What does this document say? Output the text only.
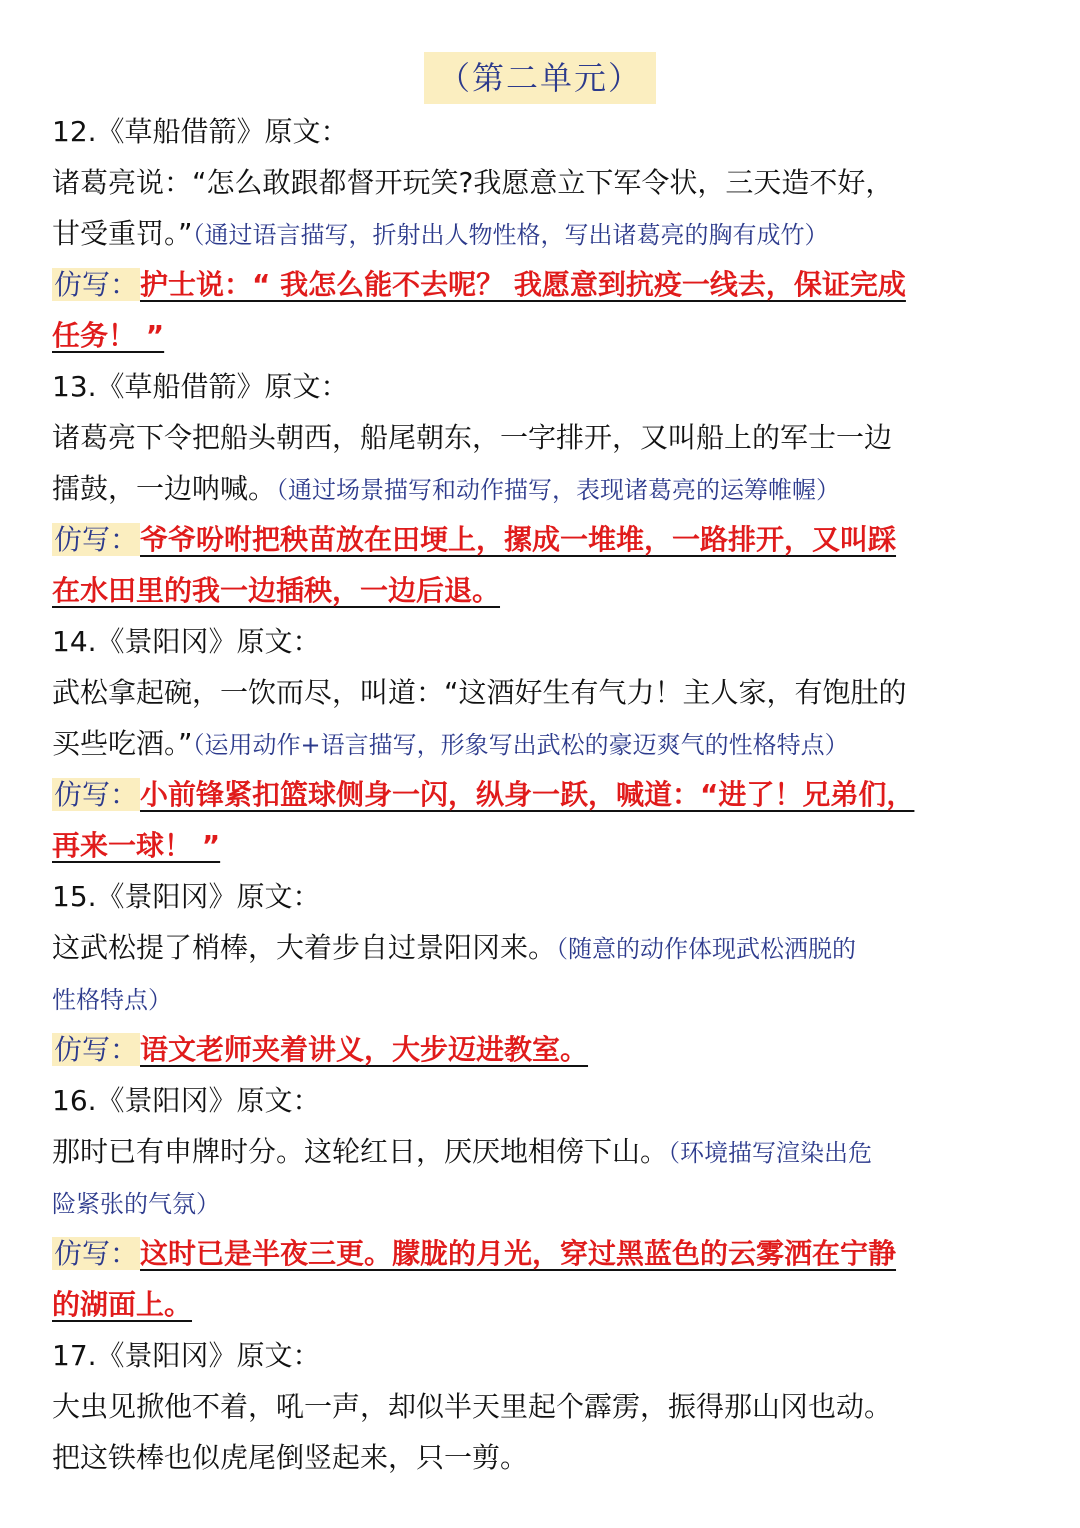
（第二单元）
12.《草船借箭》原文：
诸葛亮说：“怎么敢跟都督开玩笑?我愿意立下军令状，三天造不好，
甘受重罚。”（通过语言描写，折射出人物性格，写出诸葛亮的胸有成竹）
仿写：护士说：“ 我怎么能不去呢？ 我愿意到抗疫一线去，保证完成
任务！ ”
13.《草船借箭》原文：
诸葛亮下令把船头朝西，船尾朝东，一字排开，又叫船上的军士一边
擂鼓，一边呐喊。（通过场景描写和动作描写，表现诸葛亮的运筹帷幄）
仿写：爷爷吩咐把秧苗放在田埂上，摞成一堆堆，一路排开，又叫踩
在水田里的我一边插秧，一边后退。
14.《景阳冈》原文：
武松拿起碗，一饮而尽，叫道：“这酒好生有气力！主人家，有饱肚的
买些吃酒。”（运用动作+语言描写，形象写出武松的豪迈爽气的性格特点）
仿写：小前锋紧扣篮球侧身一闪，纵身一跃，喊道：“进了！兄弟们，
再来一球！ ”
15.《景阳冈》原文：
这武松提了梢棒，大着步自过景阳冈来。（随意的动作体现武松洒脱的
性格特点）
仿写：语文老师夹着讲义，大步迈进教室。
16.《景阳冈》原文：
那时已有申牌时分。这轮红日，厌厌地相傍下山。（环境描写渲染出危
险紧张的气氛）
仿写：这时已是半夜三更。朦胧的月光，穿过黑蓝色的云雾洒在宁静
的湖面上。
17.《景阳冈》原文：
大虫见掀他不着，吼一声，却似半天里起个霹雳，振得那山冈也动。
把这铁棒也似虎尾倒竖起来，只一剪。
